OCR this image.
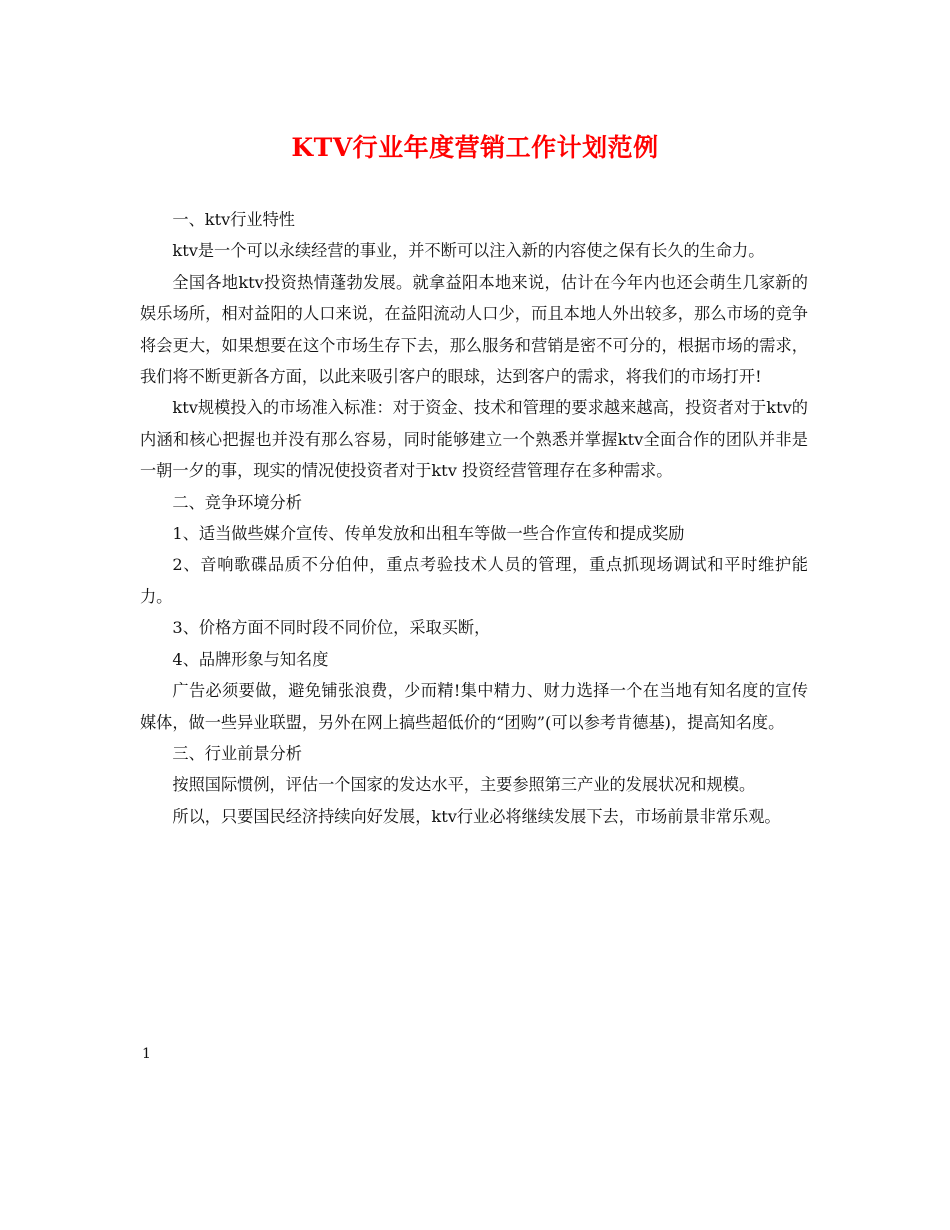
KTV行业年度营销工作计划范例

一、ktv行业特性

ktv是一个可以永续经营的事业，并不断可以注入新的内容使之保有长久的生命力。

全国各地ktv投资热情蓬勃发展。就拿益阳本地来说，估计在今年内也还会萌生几家新的娱乐场所，相对益阳的人口来说，在益阳流动人口少，而且本地人外出较多，那么市场的竞争将会更大，如果想要在这个市场生存下去，那么服务和营销是密不可分的，根据市场的需求，我们将不断更新各方面，以此来吸引客户的眼球，达到客户的需求，将我们的市场打开!

ktv规模投入的市场准入标准：对于资金、技术和管理的要求越来越高，投资者对于ktv的内涵和核心把握也并没有那么容易，同时能够建立一个熟悉并掌握ktv全面合作的团队并非是一朝一夕的事，现实的情况使投资者对于ktv 投资经营管理存在多种需求。

二、竞争环境分析

1、适当做些媒介宣传、传单发放和出租车等做一些合作宣传和提成奖励

2、音响歌碟品质不分伯仲，重点考验技术人员的管理，重点抓现场调试和平时维护能力。

3、价格方面不同时段不同价位，采取买断，

4、品牌形象与知名度

广告必须要做，避免铺张浪费，少而精!集中精力、财力选择一个在当地有知名度的宣传媒体，做一些异业联盟，另外在网上搞些超低价的“团购”(可以参考肯德基)，提高知名度。

三、行业前景分析

按照国际惯例，评估一个国家的发达水平，主要参照第三产业的发展状况和规模。

所以，只要国民经济持续向好发展，ktv行业必将继续发展下去，市场前景非常乐观。

1
